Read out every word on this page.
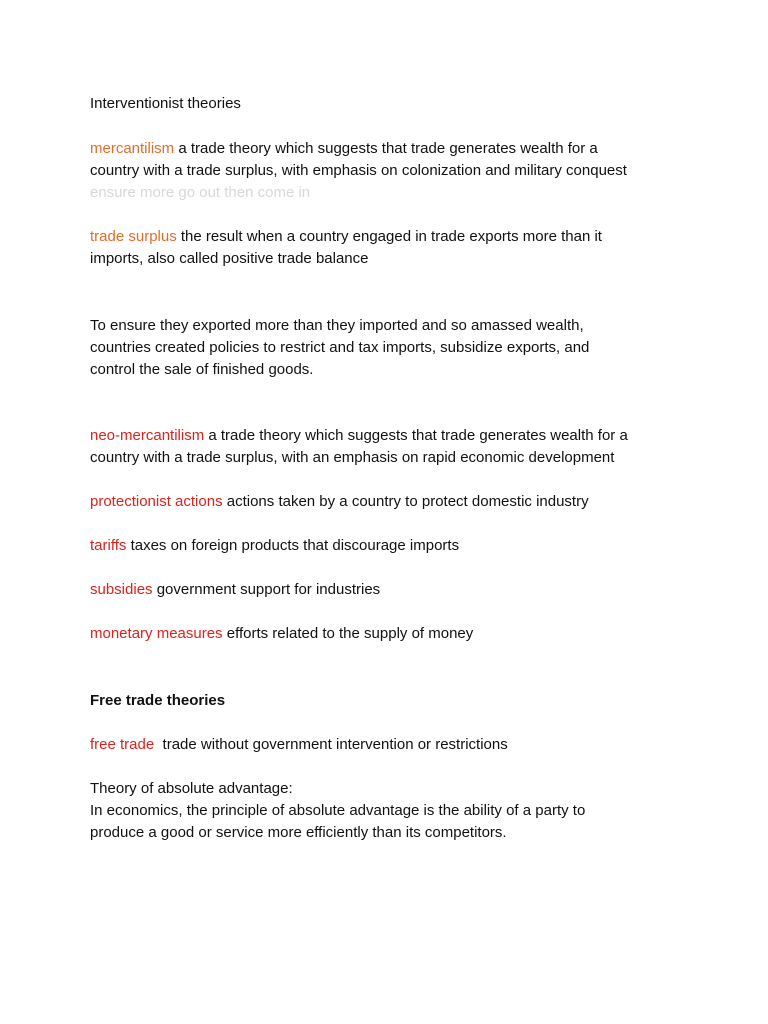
Interventionist theories
mercantilism a trade theory which suggests that trade generates wealth for a
country with a trade surplus, with emphasis on colonization and military conquest
ensure more go out then come in
trade surplus the result when a country engaged in trade exports more than it
imports, also called positive trade balance
To ensure they exported more than they imported and so amassed wealth,
countries created policies to restrict and tax imports, subsidize exports, and
control the sale of finished goods.
neo-mercantilism a trade theory which suggests that trade generates wealth for a
country with a trade surplus, with an emphasis on rapid economic development
protectionist actions actions taken by a country to protect domestic industry
tariffs taxes on foreign products that discourage imports
subsidies government support for industries
monetary measures efforts related to the supply of money
Free trade theories
free trade  trade without government intervention or restrictions
Theory of absolute advantage:
In economics, the principle of absolute advantage is the ability of a party to
produce a good or service more efficiently than its competitors.
